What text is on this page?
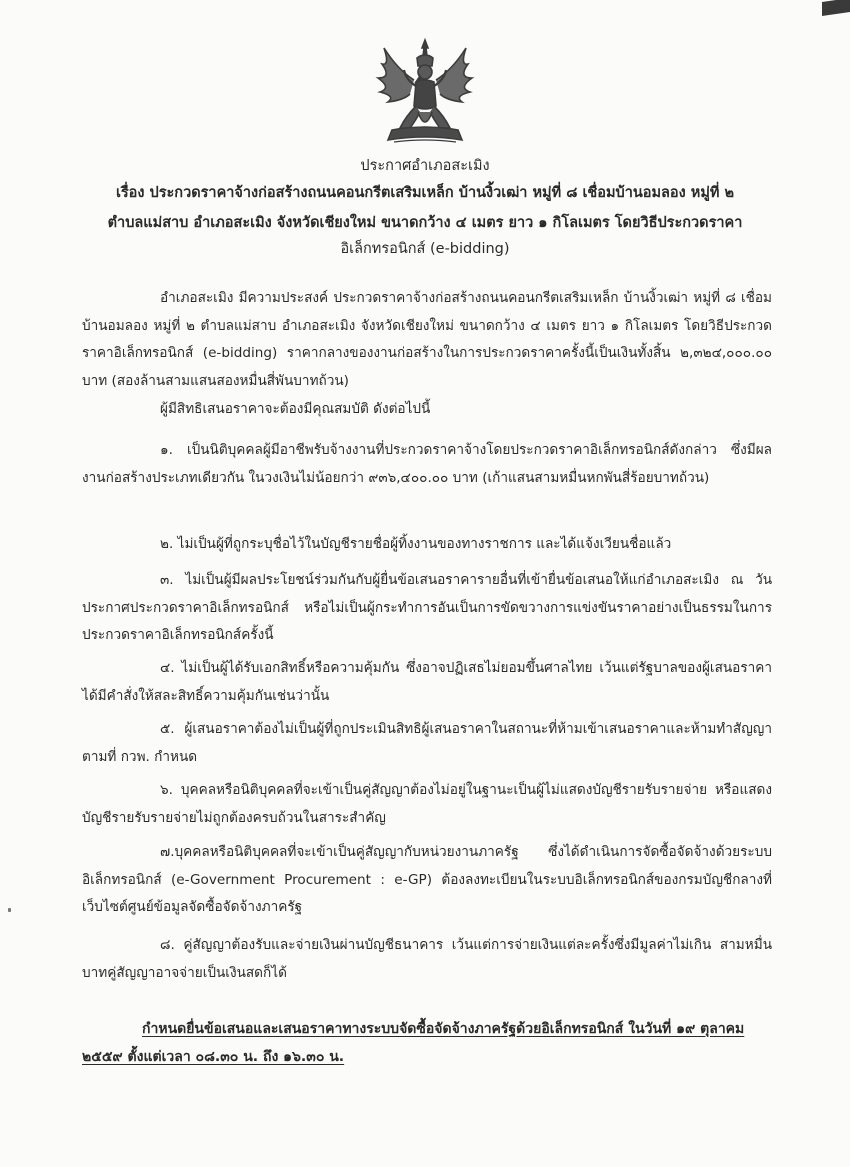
ประกาศอำเภอสะเมิง
เรื่อง ประกวดราคาจ้างก่อสร้างถนนคอนกรีตเสริมเหล็ก บ้านงิ้วเฒ่า หมู่ที่ ๘ เชื่อมบ้านอมลอง หมู่ที่ ๒
ตำบลแม่สาบ อำเภอสะเมิง จังหวัดเชียงใหม่ ขนาดกว้าง ๔ เมตร ยาว ๑ กิโลเมตร โดยวิธีประกวดราคา
อิเล็กทรอนิกส์ (e-bidding)
อำเภอสะเมิง มีความประสงค์ ประกวดราคาจ้างก่อสร้างถนนคอนกรีตเสริมเหล็ก บ้านงิ้วเฒ่า หมู่ที่ ๘ เชื่อมบ้านอมลอง หมู่ที่ ๒ ตำบลแม่สาบ อำเภอสะเมิง จังหวัดเชียงใหม่ ขนาดกว้าง ๔ เมตร ยาว ๑ กิโลเมตร โดยวิธีประกวดราคาอิเล็กทรอนิกส์ (e-bidding) ราคากลางของงานก่อสร้างในการประกวดราคาครั้งนี้เป็นเงินทั้งสิ้น ๒,๓๒๔,๐๐๐.๐๐ บาท (สองล้านสามแสนสองหมื่นสี่พันบาทถ้วน)
ผู้มีสิทธิเสนอราคาจะต้องมีคุณสมบัติ ดังต่อไปนี้
๑. เป็นนิติบุคคลผู้มีอาชีพรับจ้างงานที่ประกวดราคาจ้างโดยประกวดราคาอิเล็กทรอนิกส์ดังกล่าว ซึ่งมีผลงานก่อสร้างประเภทเดียวกัน ในวงเงินไม่น้อยกว่า ๙๓๖,๔๐๐.๐๐ บาท (เก้าแสนสามหมื่นหกพันสี่ร้อยบาทถ้วน)
๒. ไม่เป็นผู้ที่ถูกระบุชื่อไว้ในบัญชีรายชื่อผู้ทิ้งงานของทางราชการ และได้แจ้งเวียนชื่อแล้ว
๓. ไม่เป็นผู้มีผลประโยชน์ร่วมกันกับผู้ยื่นข้อเสนอราคารายอื่นที่เข้ายื่นข้อเสนอให้แก่อำเภอสะเมิง ณ วันประกาศประกวดราคาอิเล็กทรอนิกส์ หรือไม่เป็นผู้กระทำการอันเป็นการขัดขวางการแข่งขันราคาอย่างเป็นธรรมในการประกวดราคาอิเล็กทรอนิกส์ครั้งนี้
๔. ไม่เป็นผู้ได้รับเอกสิทธิ์หรือความคุ้มกัน ซึ่งอาจปฏิเสธไม่ยอมขึ้นศาลไทย เว้นแต่รัฐบาลของผู้เสนอราคาได้มีคำสั่งให้สละสิทธิ์ความคุ้มกันเช่นว่านั้น
๕. ผู้เสนอราคาต้องไม่เป็นผู้ที่ถูกประเมินสิทธิผู้เสนอราคาในสถานะที่ห้ามเข้าเสนอราคาและห้ามทำสัญญาตามที่ กวพ. กำหนด
๖. บุคคลหรือนิติบุคคลที่จะเข้าเป็นคู่สัญญาต้องไม่อยู่ในฐานะเป็นผู้ไม่แสดงบัญชีรายรับรายจ่าย หรือแสดงบัญชีรายรับรายจ่ายไม่ถูกต้องครบถ้วนในสาระสำคัญ
๗.บุคคลหรือนิติบุคคลที่จะเข้าเป็นคู่สัญญากับหน่วยงานภาครัฐ ซึ่งได้ดำเนินการจัดซื้อจัดจ้างด้วยระบบอิเล็กทรอนิกส์ (e-Government Procurement : e-GP) ต้องลงทะเบียนในระบบอิเล็กทรอนิกส์ของกรมบัญชีกลางที่เว็บไซต์ศูนย์ข้อมูลจัดซื้อจัดจ้างภาครัฐ
๘. คู่สัญญาต้องรับและจ่ายเงินผ่านบัญชีธนาคาร เว้นแต่การจ่ายเงินแต่ละครั้งซึ่งมีมูลค่าไม่เกิน สามหมื่นบาทคู่สัญญาอาจจ่ายเป็นเงินสดก็ได้
กำหนดยื่นข้อเสนอและเสนอราคาทางระบบจัดซื้อจัดจ้างภาครัฐด้วยอิเล็กทรอนิกส์ ในวันที่ ๑๙ ตุลาคม ๒๕๕๙ ตั้งแต่เวลา ๐๘.๓๐ น. ถึง ๑๖.๓๐ น.
